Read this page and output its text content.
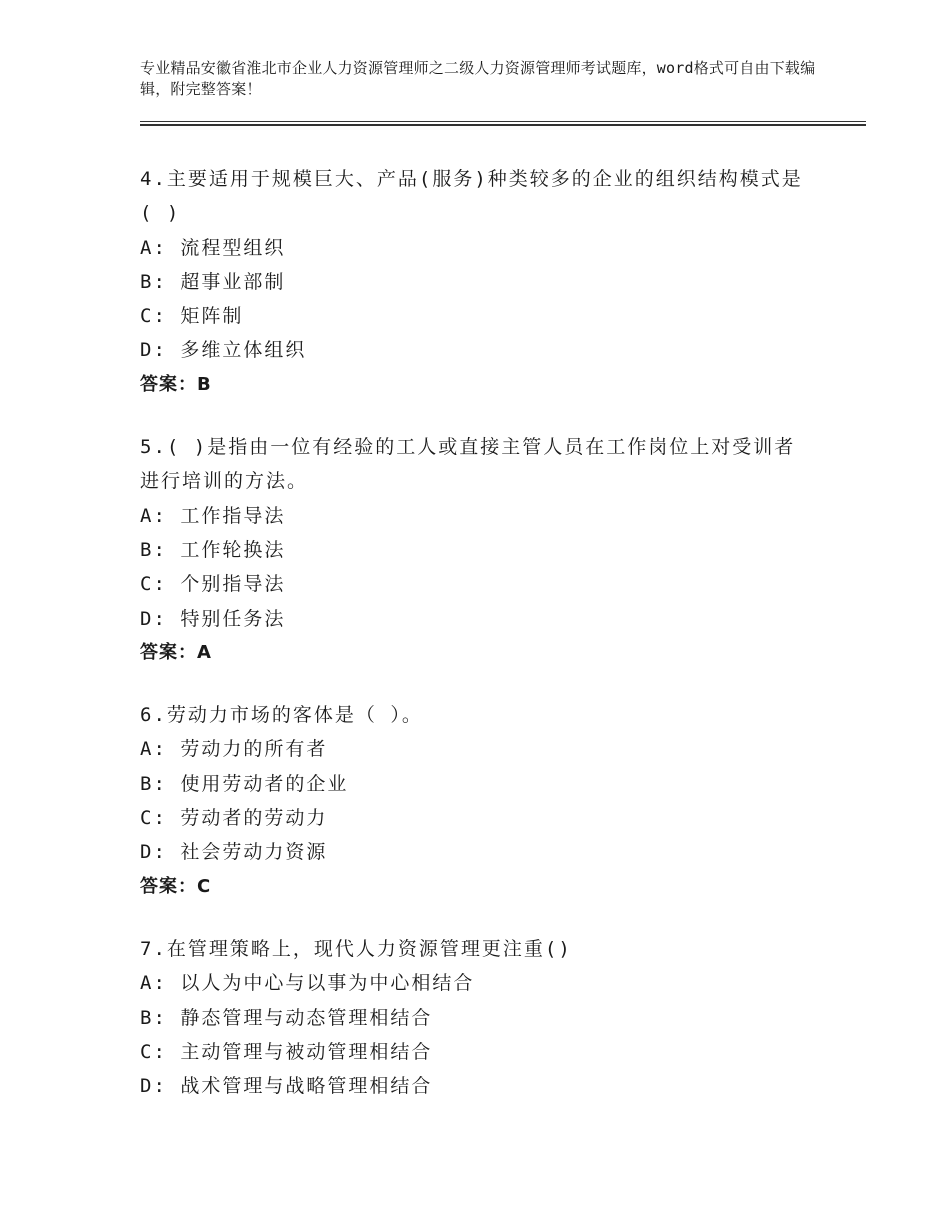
专业精品安徽省淮北市企业人力资源管理师之二级人力资源管理师考试题库，word格式可自由下载编辑，附完整答案！
4.主要适用于规模巨大、产品(服务)种类较多的企业的组织结构模式是( )
A: 流程型组织
B: 超事业部制
C: 矩阵制
D: 多维立体组织
答案：B
5.( )是指由一位有经验的工人或直接主管人员在工作岗位上对受训者进行培训的方法。
A: 工作指导法
B: 工作轮换法
C: 个别指导法
D: 特别任务法
答案：A
6.劳动力市场的客体是（ ）。
A: 劳动力的所有者
B: 使用劳动者的企业
C: 劳动者的劳动力
D: 社会劳动力资源
答案：C
7.在管理策略上，现代人力资源管理更注重()
A: 以人为中心与以事为中心相结合
B: 静态管理与动态管理相结合
C: 主动管理与被动管理相结合
D: 战术管理与战略管理相结合
